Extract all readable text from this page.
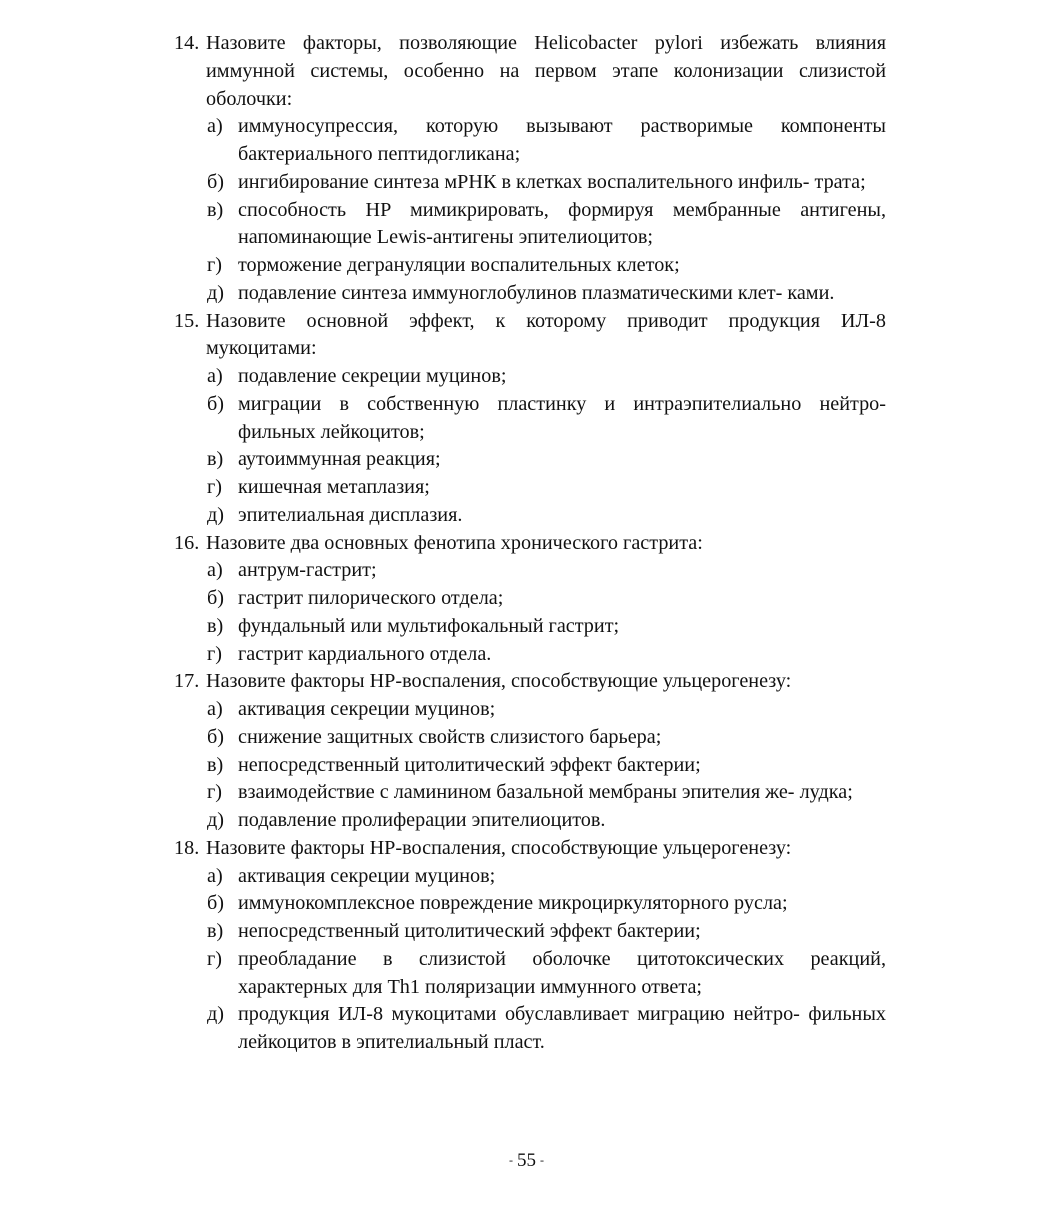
14. Назовите факторы, позволяющие Helicobacter pylori избежать влияния иммунной системы, особенно на первом этапе колонизации слизистой оболочки:
а) иммуносупрессия, которую вызывают растворимые компоненты бактериального пептидогликана;
б) ингибирование синтеза мРНК в клетках воспалительного инфиль- трата;
в) способность HP мимикрировать, формируя мембранные антигены, напоминающие Lewis-антигены эпителиоцитов;
г) торможение дегрануляции воспалительных клеток;
д) подавление синтеза иммуноглобулинов плазматическими клет- ками.
15. Назовите основной эффект, к которому приводит продукция ИЛ-8 мукоцитами:
а) подавление секреции муцинов;
б) миграции в собственную пластинку и интраэпителиально нейтро- фильных лейкоцитов;
в) аутоиммунная реакция;
г) кишечная метаплазия;
д) эпителиальная дисплазия.
16. Назовите два основных фенотипа хронического гастрита:
а) антрум-гастрит;
б) гастрит пилорического отдела;
в) фундальный или мультифокальный гастрит;
г) гастрит кардиального отдела.
17. Назовите факторы HP-воспаления, способствующие ульцерогенезу:
а) активация секреции муцинов;
б) снижение защитных свойств слизистого барьера;
в) непосредственный цитолитический эффект бактерии;
г) взаимодействие с ламинином базальной мембраны эпителия же- лудка;
д) подавление пролиферации эпителиоцитов.
18. Назовите факторы HP-воспаления, способствующие ульцерогенезу:
а) активация секреции муцинов;
б) иммунокомплексное повреждение микроциркуляторного русла;
в) непосредственный цитолитический эффект бактерии;
г) преобладание в слизистой оболочке цитотоксических реакций, характерных для Th1 поляризации иммунного ответа;
д) продукция ИЛ-8 мукоцитами обуславливает миграцию нейтро- фильных лейкоцитов в эпителиальный пласт.
- 55 -
